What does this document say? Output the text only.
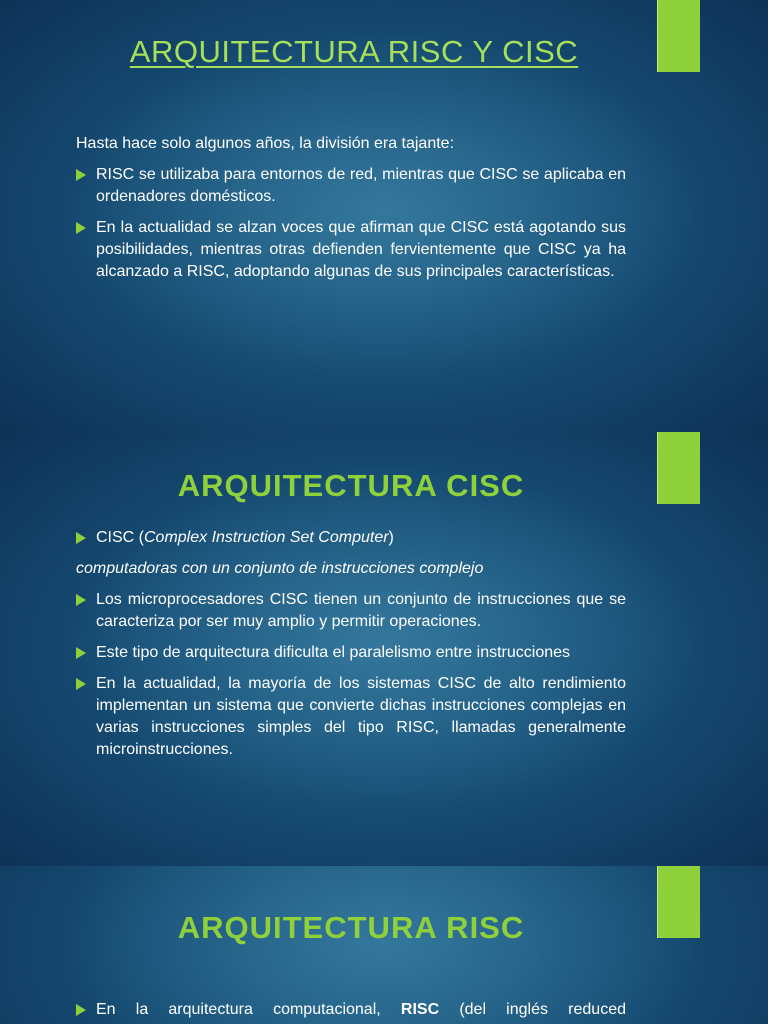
ARQUITECTURA RISC Y CISC

Hasta hace solo algunos años, la división era tajante:

RISC se utilizaba para entornos de red, mientras que CISC se aplicaba en ordenadores domésticos.
En la actualidad se alzan voces que afirman que CISC está agotando sus posibilidades, mientras otras defienden fervientemente que CISC ya ha alcanzado a RISC, adoptando algunas de sus principales características.
ARQUITECTURA CISC
CISC (Complex Instruction Set Computer)

computadoras con un conjunto de instrucciones complejo

Los microprocesadores CISC tienen un conjunto de instrucciones que se caracteriza por ser muy amplio y permitir operaciones.
Este tipo de arquitectura dificulta el paralelismo entre instrucciones
En la actualidad, la mayoría de los sistemas CISC de alto rendimiento implementan un sistema que convierte dichas instrucciones complejas en varias instrucciones simples del tipo RISC, llamadas generalmente microinstrucciones.
ARQUITECTURA RISC
En la arquitectura computacional, RISC (del inglés reduced
